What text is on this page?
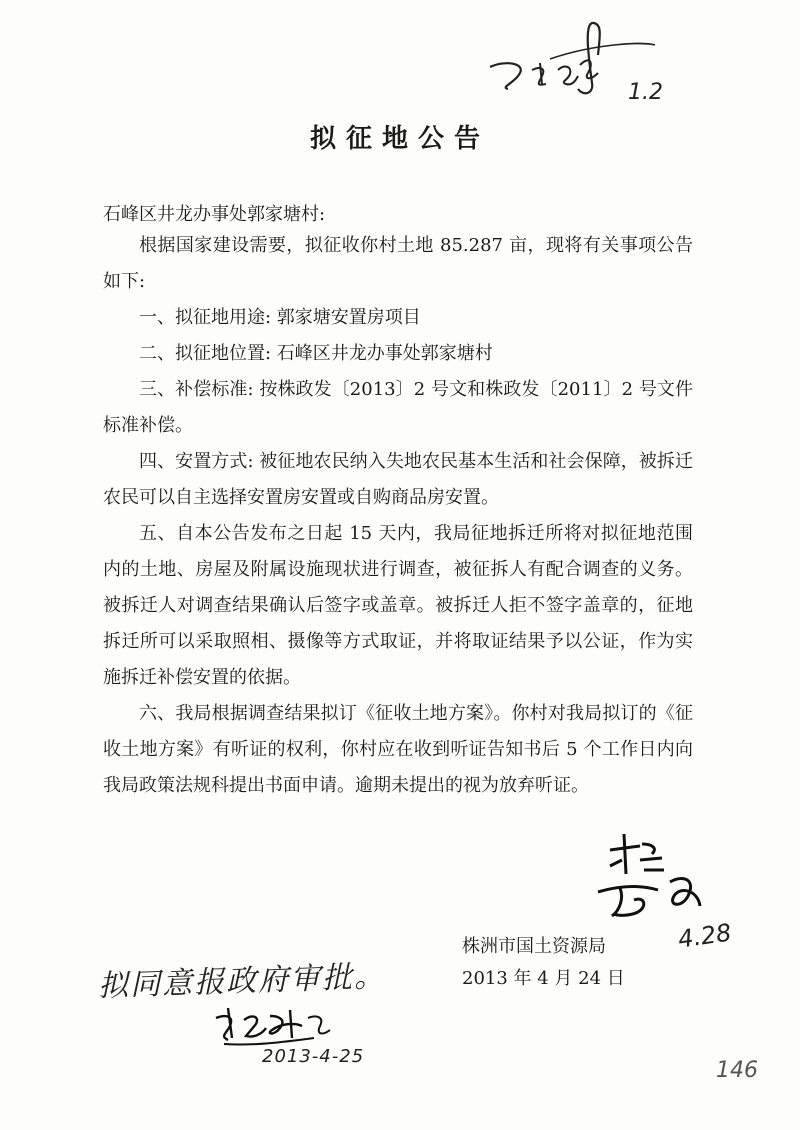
1.2
拟征地公告

石峰区井龙办事处郭家塘村:

根据国家建设需要，拟征收你村土地 85.287 亩，现将有关事项公告如下:

一、拟征地用途: 郭家塘安置房项目

二、拟征地位置: 石峰区井龙办事处郭家塘村

三、补偿标准: 按株政发〔2013〕2 号文和株政发〔2011〕2 号文件标准补偿。

四、安置方式: 被征地农民纳入失地农民基本生活和社会保障，被拆迁农民可以自主选择安置房安置或自购商品房安置。

五、自本公告发布之日起 15 天内，我局征地拆迁所将对拟征地范围内的土地、房屋及附属设施现状进行调查，被征拆人有配合调查的义务。被拆迁人对调查结果确认后签字或盖章。被拆迁人拒不签字盖章的，征地拆迁所可以采取照相、摄像等方式取证，并将取证结果予以公证，作为实施拆迁补偿安置的依据。

六、我局根据调查结果拟订《征收土地方案》。你村对我局拟订的《征收土地方案》有听证的权利，你村应在收到听证告知书后 5 个工作日内向我局政策法规科提出书面申请。逾期未提出的视为放弃听证。

4.28

株洲市国土资源局

2013 年 4 月 24 日

拟同意报政府审批。
2013-4-25
146
